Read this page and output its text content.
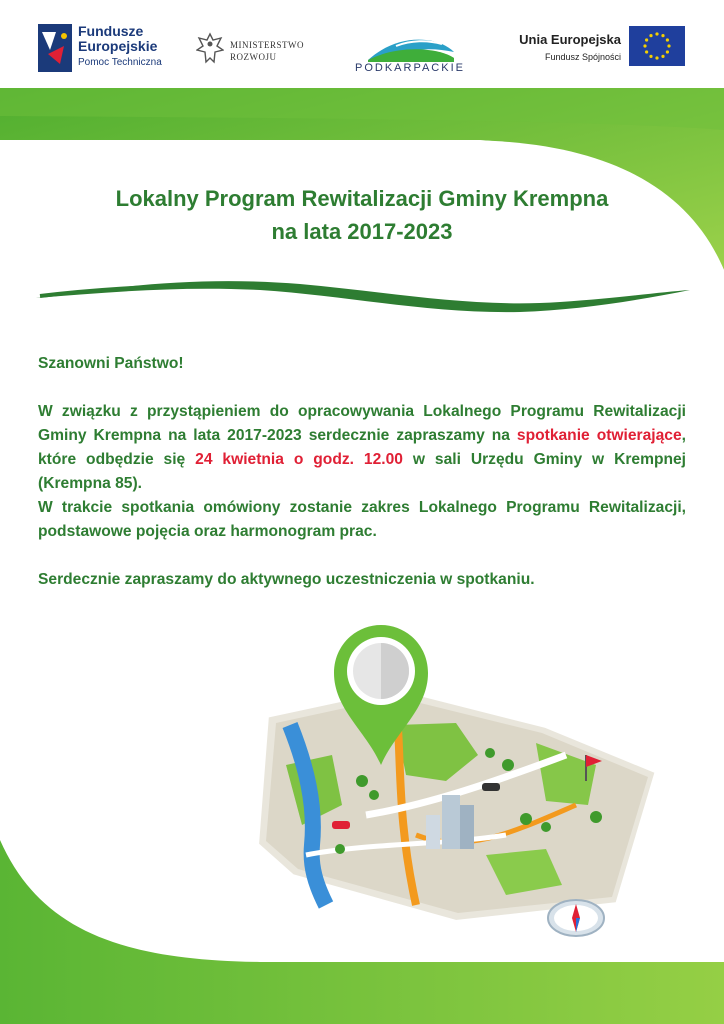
Fundusze
Europejskie
Pomoc Techniczna
MINISTERSTWO
ROZWOJU
PODKARPACKIE
Unia Europejska
Fundusz Spójności
Lokalny Program Rewitalizacji Gminy Krempna
na lata 2017-2023

Szanowni Państwo!

W związku z przystąpieniem do opracowywania Lokalnego Programu Rewitalizacji Gminy Krempna na lata 2017-2023 serdecznie zapraszamy na spotkanie otwierające, które odbędzie się 24 kwietnia o godz. 12.00 w sali Urzędu Gminy w Krempnej (Krempna 85).

W trakcie spotkania omówiony zostanie zakres Lokalnego Programu Rewitalizacji, podstawowe pojęcia oraz harmonogram prac.

Serdecznie zapraszamy do aktywnego uczestniczenia w spotkaniu.
